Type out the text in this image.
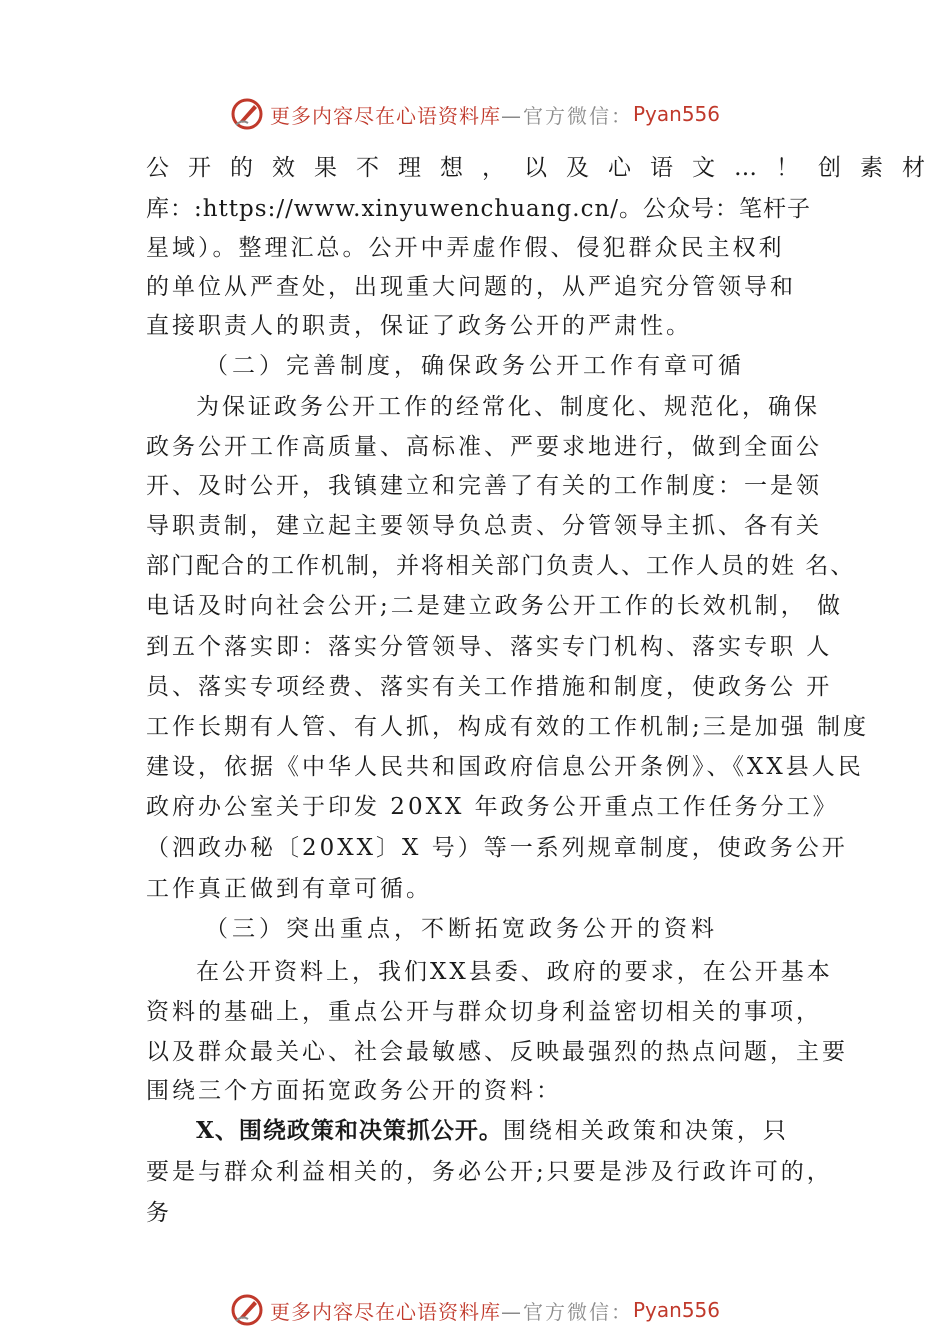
更多内容尽在心语资料库 —官方微信： Pyan556
公开的效果不理想，以及心语文…！创素材
库：:https://www.xinyuwenchuang.cn/。公众号：笔杆子
星域）。整理汇总。公开中弄虚作假、侵犯群众民主权利
的单位从严查处，出现重大问题的，从严追究分管领导和
直接职责人的职责，保证了政务公开的严肃性。
（二）完善制度，确保政务公开工作有章可循
为保证政务公开工作的经常化、制度化、规范化，确保
政务公开工作高质量、高标准、严要求地进行，做到全面公
开、及时公开，我镇建立和完善了有关的工作制度：一是领
导职责制，建立起主要领导负总责、分管领导主抓、各有关
部门配合的工作机制，并将相关部门负责人、工作人员的姓 名、
电话及时向社会公开;二是建立政务公开工作的长效机制， 做
到五个落实即：落实分管领导、落实专门机构、落实专职 人
员、落实专项经费、落实有关工作措施和制度，使政务公 开
工作长期有人管、有人抓，构成有效的工作机制;三是加强 制度
建设，依据《中华人民共和国政府信息公开条例》、《XX县人民
政府办公室关于印发 20XX 年政务公开重点工作任务分工》
（泗政办秘〔20XX〕X 号）等一系列规章制度，使政务公开
工作真正做到有章可循。
（三）突出重点，不断拓宽政务公开的资料
在公开资料上，我们XX县委、政府的要求，在公开基本
资料的基础上，重点公开与群众切身利益密切相关的事项，
以及群众最关心、社会最敏感、反映最强烈的热点问题，主要
围绕三个方面拓宽政务公开的资料：
X、围绕政策和决策抓公开。围绕相关政策和决策，只
要是与群众利益相关的，务必公开;只要是涉及行政许可的，
务
更多内容尽在心语资料库 —官方微信： Pyan556
